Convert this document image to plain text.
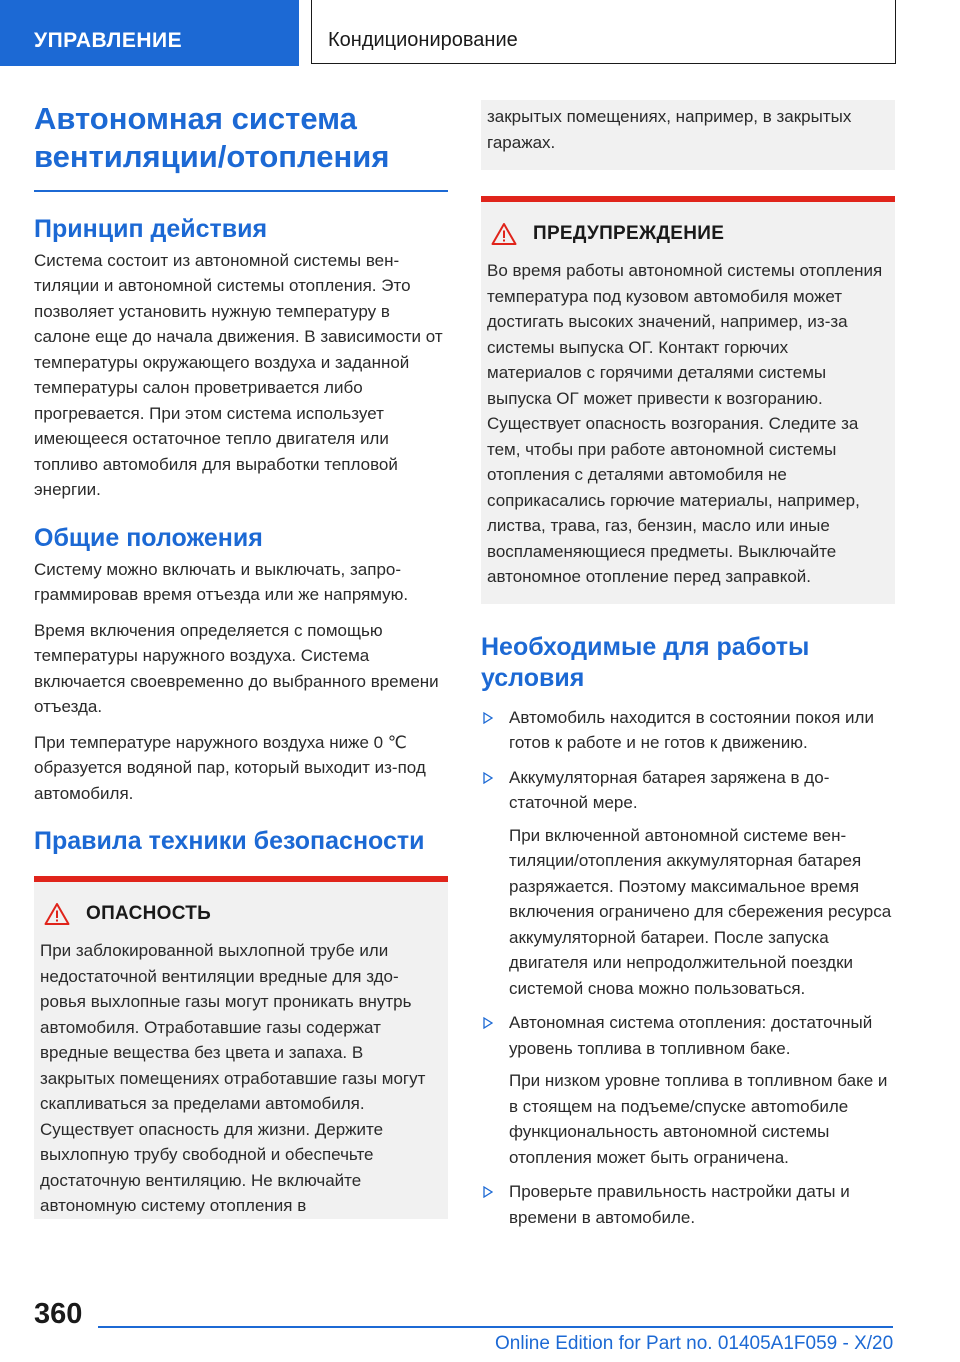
УПРАВЛЕНИЕ	Кондиционирование
Автономная система вентиляции/отопления
Принцип действия

Система состоит из автономной системы вентиляции и автономной системы отопления. Это позволяет установить нужную температуру в салоне еще до начала движения. В зависимости от температуры окружающего воздуха и заданной температуры салон проветривается либо прогревается. При этом система использует имеющееся остаточное тепло двигателя или топливо автомобиля для выработки тепловой энергии.

Общие положения

Систему можно включать и выключать, запрограммировав время отъезда или же напрямую.

Время включения определяется с помощью температуры наружного воздуха. Система включается своевременно до выбранного времени отъезда.

При температуре наружного воздуха ниже 0 ℃ образуется водяной пар, который выходит из-под автомобиля.

Правила техники безопасности
ОПАСНОСТЬ

При заблокированной выхлопной трубе или недостаточной вентиляции вредные для здоровья выхлопные газы могут проникать внутрь автомобиля. Отработавшие газы содержат вредные вещества без цвета и запаха. В закрытых помещениях отработавшие газы могут скапливаться за пределами автомобиля. Существует опасность для жизни. Держите выхлопную трубу свободной и обеспечьте достаточную вентиляцию. Не включайте автономную систему отопления в

закрытых помещениях, например, в закрытых гаражах.

ПРЕДУПРЕЖДЕНИЕ

Во время работы автономной системы отопления температура под кузовом автомобиля может достигать высоких значений, например, из-за системы выпуска ОГ. Контакт горючих материалов с горячими деталями системы выпуска ОГ может привести к возгоранию. Существует опасность возгорания. Следите за тем, чтобы при работе автономной системы отопления с деталями автомобиля не соприкасались горючие материалы, например, листва, трава, газ, бензин, масло или иные воспламеняющиеся предметы. Выключайте автономное отопление перед заправкой.

Необходимые для работы условия

Автомобиль находится в состоянии покоя или готов к работе и не готов к движению.

Аккумуляторная батарея заряжена в достаточной мере.

При включенной автономной системе вентиляции/отопления аккумуляторная батарея разряжается. Поэтому максимальное время включения ограничено для сбережения ресурса аккумуляторной батареи. После запуска двигателя или непродолжительной поездки системой снова можно пользоваться.

Автономная система отопления: достаточный уровень топлива в топливном баке.

При низком уровне топлива в топливном баке и в стоящем на подъеме/спуске автоmобиле функциональность автономной системы отопления может быть ограничена.

Проверьте правильность настройки даты и времени в автомобиле.

360
Online Edition for Part no. 01405A1F059 - X/20
